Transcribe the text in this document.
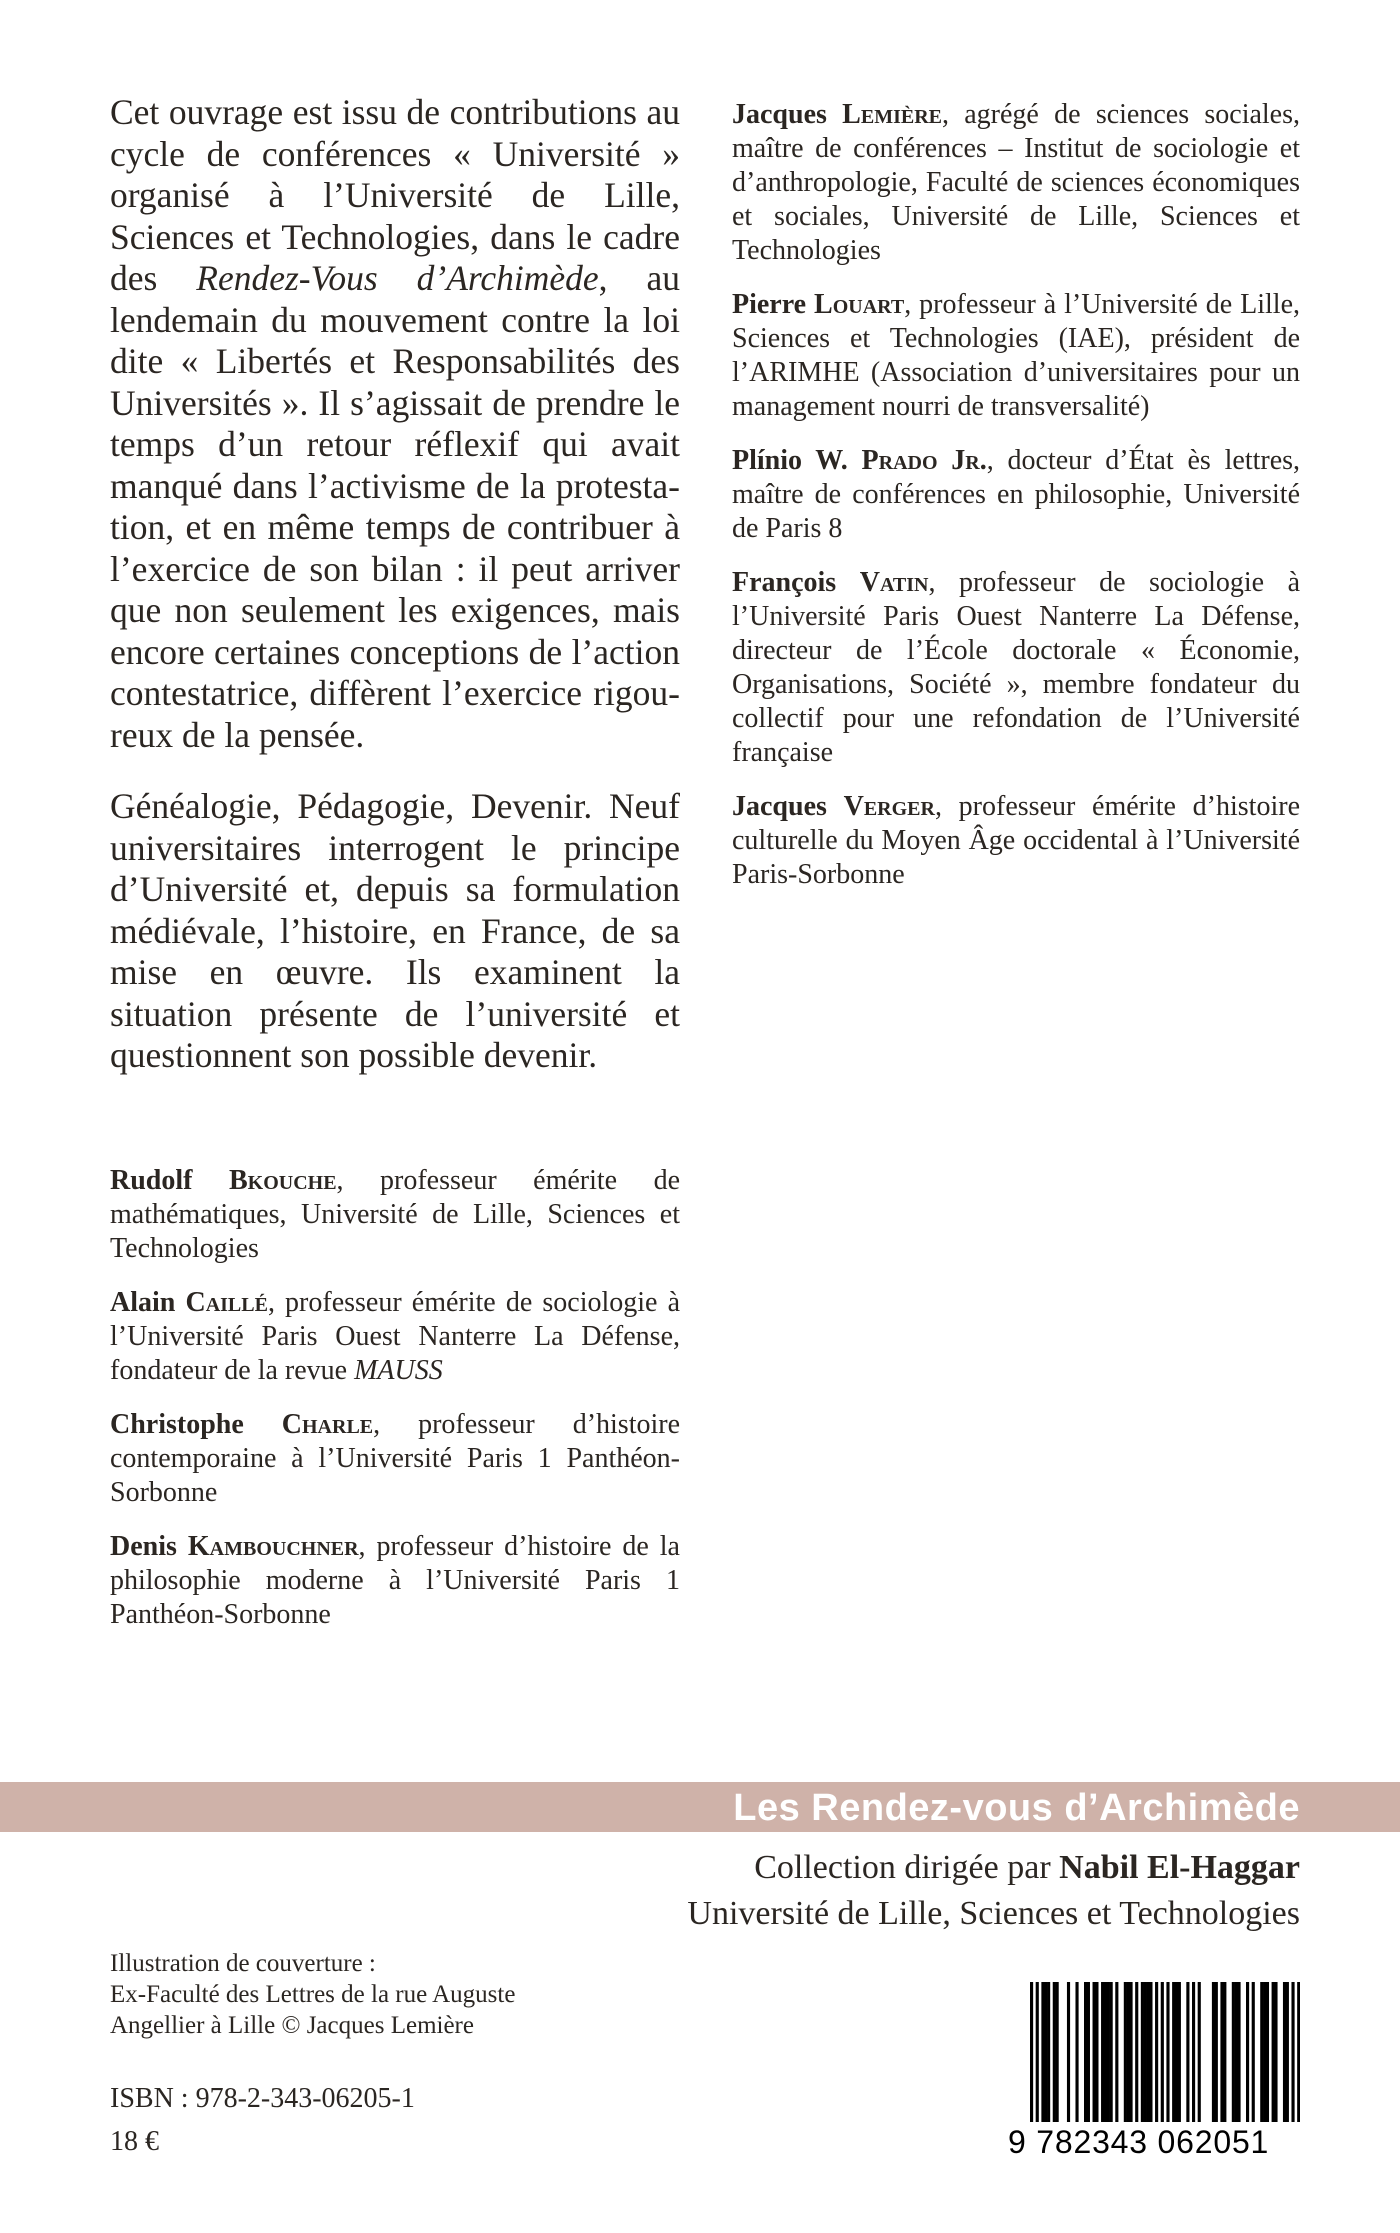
Cet ouvrage est issu de contributions au cycle de conférences « Université » organisé à l’Université de Lille, Sciences et Technologies, dans le cadre des Rendez-Vous d’Archimède, au lendemain du mouvement contre la loi dite « Libertés et Responsabilités des Universités ». Il s’agissait de prendre le temps d’un retour réflexif qui avait manqué dans l’activisme de la protestation, et en même temps de contribuer à l’exercice de son bilan : il peut arriver que non seulement les exigences, mais encore certaines conceptions de l’action contestatrice, diffèrent l’exercice rigoureux de la pensée.

Généalogie, Pédagogie, Devenir. Neuf universitaires interrogent le principe d’Université et, depuis sa formulation médiévale, l’histoire, en France, de sa mise en œuvre. Ils examinent la situation présente de l’université et questionnent son possible devenir.

Jacques Lemière, agrégé de sciences sociales, maître de conférences – Institut de sociologie et d’anthropologie, Faculté de sciences économiques et sociales, Université de Lille, Sciences et Technologies

Pierre Louart, professeur à l’Université de Lille, Sciences et Technologies (IAE), président de l’ARIMHE (Association d’universitaires pour un management nourri de transversalité)

Plínio W. Prado Jr., docteur d’État ès lettres, maître de conférences en philosophie, Université de Paris 8

François Vatin, professeur de sociologie à l’Université Paris Ouest Nanterre La Défense, directeur de l’École doctorale « Économie, Organisations, Société », membre fondateur du collectif pour une refondation de l’Université française

Jacques Verger, professeur émérite d’histoire culturelle du Moyen Âge occidental à l’Université Paris-Sorbonne

Rudolf Bkouche, professeur émérite de mathématiques, Université de Lille, Sciences et Technologies

Alain Caillé, professeur émérite de sociologie à l’Université Paris Ouest Nanterre La Défense, fondateur de la revue MAUSS

Christophe Charle, professeur d’histoire contemporaine à l’Université Paris 1 Panthéon-Sorbonne

Denis Kambouchner, professeur d’histoire de la philosophie moderne à l’Université Paris 1 Panthéon-Sorbonne

Les Rendez-vous d’Archimède
Collection dirigée par Nabil El-Haggar
Université de Lille, Sciences et Technologies

Illustration de couverture :

Ex-Faculté des Lettres de la rue Auguste

Angellier à Lille © Jacques Lemière

ISBN : 978-2-343-06205-1
18 €	9 782343 062051
